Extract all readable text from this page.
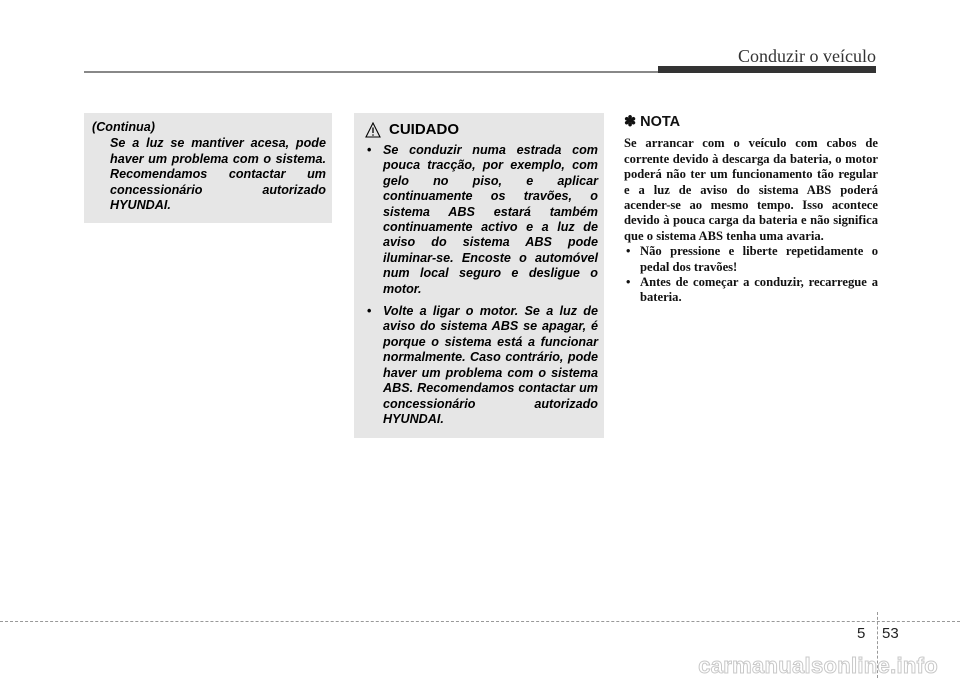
Conduzir o veículo

(Continua)

Se a luz se mantiver acesa, pode haver um problema com o sistema. Recomendamos contactar um concessionário autorizado HYUNDAI.

CUIDADO
• Se conduzir numa estrada com pouca tracção, por exemplo, com gelo no piso, e aplicar continuamente os travões, o sistema ABS estará também continuamente activo e a luz de aviso do sistema ABS pode iluminar-se. Encoste o automóvel num local seguro e desligue o motor.
• Volte a ligar o motor. Se a luz de aviso do sistema ABS se apagar, é porque o sistema está a funcionar normalmente. Caso contrário, pode haver um problema com o sistema ABS. Recomendamos contactar um concessionário autorizado HYUNDAI.
✽ NOTA

Se arrancar com o veículo com cabos de corrente devido à descarga da bateria, o motor poderá não ter um funcionamento tão regular e a luz de aviso do sistema ABS poderá acender-se ao mesmo tempo. Isso acontece devido à pouca carga da bateria e não significa que o sistema ABS tenha uma avaria.

• Não pressione e liberte repetidamente o pedal dos travões!
• Antes de começar a conduzir, recarregue a bateria.
5 53
carmanualsonline.info
